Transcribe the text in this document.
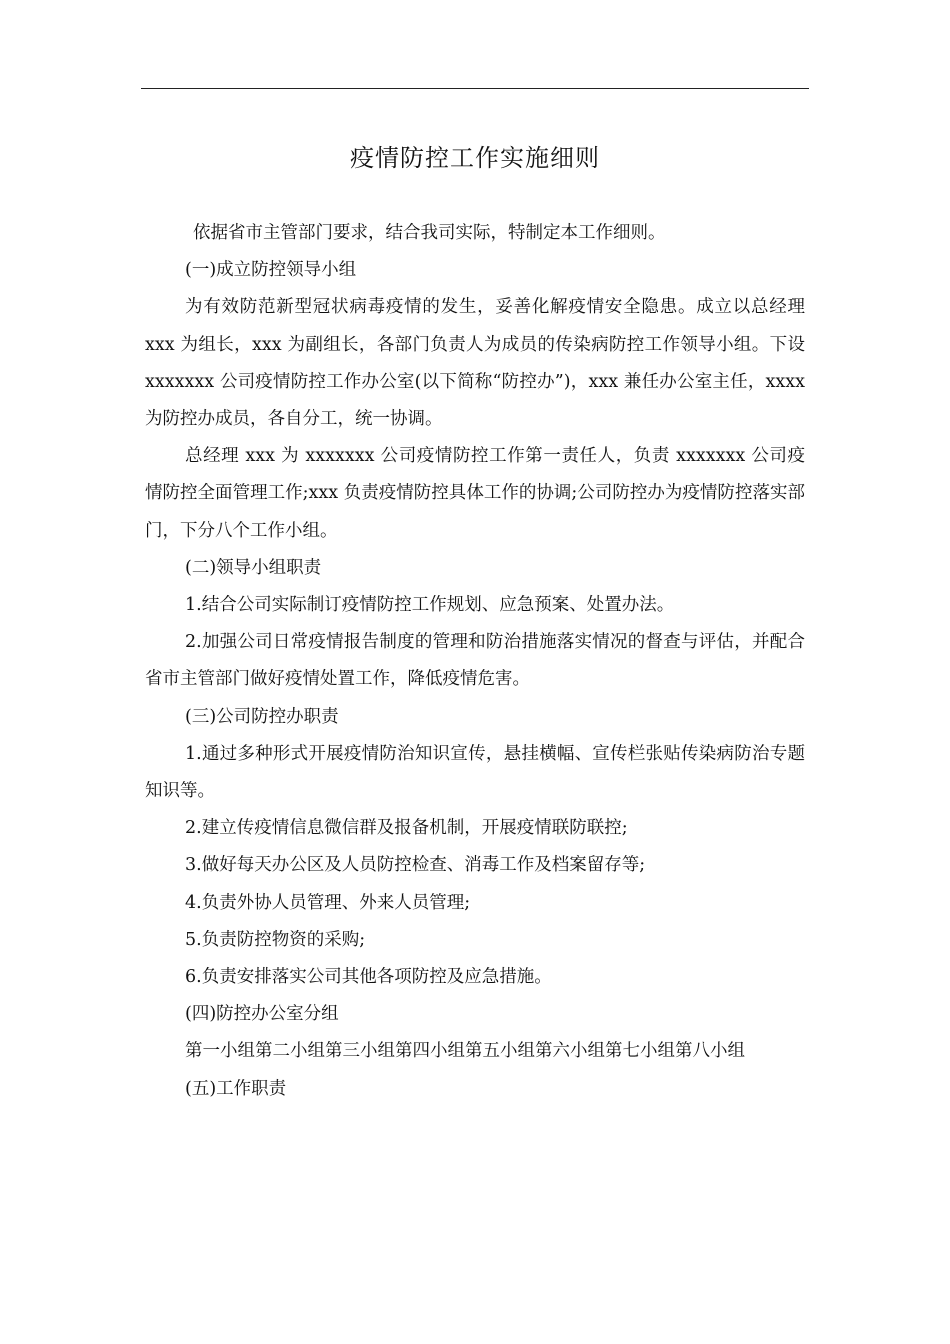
疫情防控工作实施细则

依据省市主管部门要求，结合我司实际，特制定本工作细则。

(一)成立防控领导小组

为有效防范新型冠状病毒疫情的发生，妥善化解疫情安全隐患。成立以总经理 xxx 为组长，xxx 为副组长，各部门负责人为成员的传染病防控工作领导小组。下设 xxxxxxx 公司疫情防控工作办公室(以下简称“防控办”)，xxx 兼任办公室主任，xxxx 为防控办成员，各自分工，统一协调。

总经理 xxx 为 xxxxxxx 公司疫情防控工作第一责任人，负责 xxxxxxx 公司疫情防控全面管理工作;xxx 负责疫情防控具体工作的协调;公司防控办为疫情防控落实部门，下分八个工作小组。

(二)领导小组职责

1.结合公司实际制订疫情防控工作规划、应急预案、处置办法。

2.加强公司日常疫情报告制度的管理和防治措施落实情况的督查与评估，并配合省市主管部门做好疫情处置工作，降低疫情危害。

(三)公司防控办职责

1.通过多种形式开展疫情防治知识宣传，悬挂横幅、宣传栏张贴传染病防治专题知识等。

2.建立传疫情信息微信群及报备机制，开展疫情联防联控;

3.做好每天办公区及人员防控检查、消毒工作及档案留存等;

4.负责外协人员管理、外来人员管理;

5.负责防控物资的采购;

6.负责安排落实公司其他各项防控及应急措施。

(四)防控办公室分组

第一小组第二小组第三小组第四小组第五小组第六小组第七小组第八小组

(五)工作职责
